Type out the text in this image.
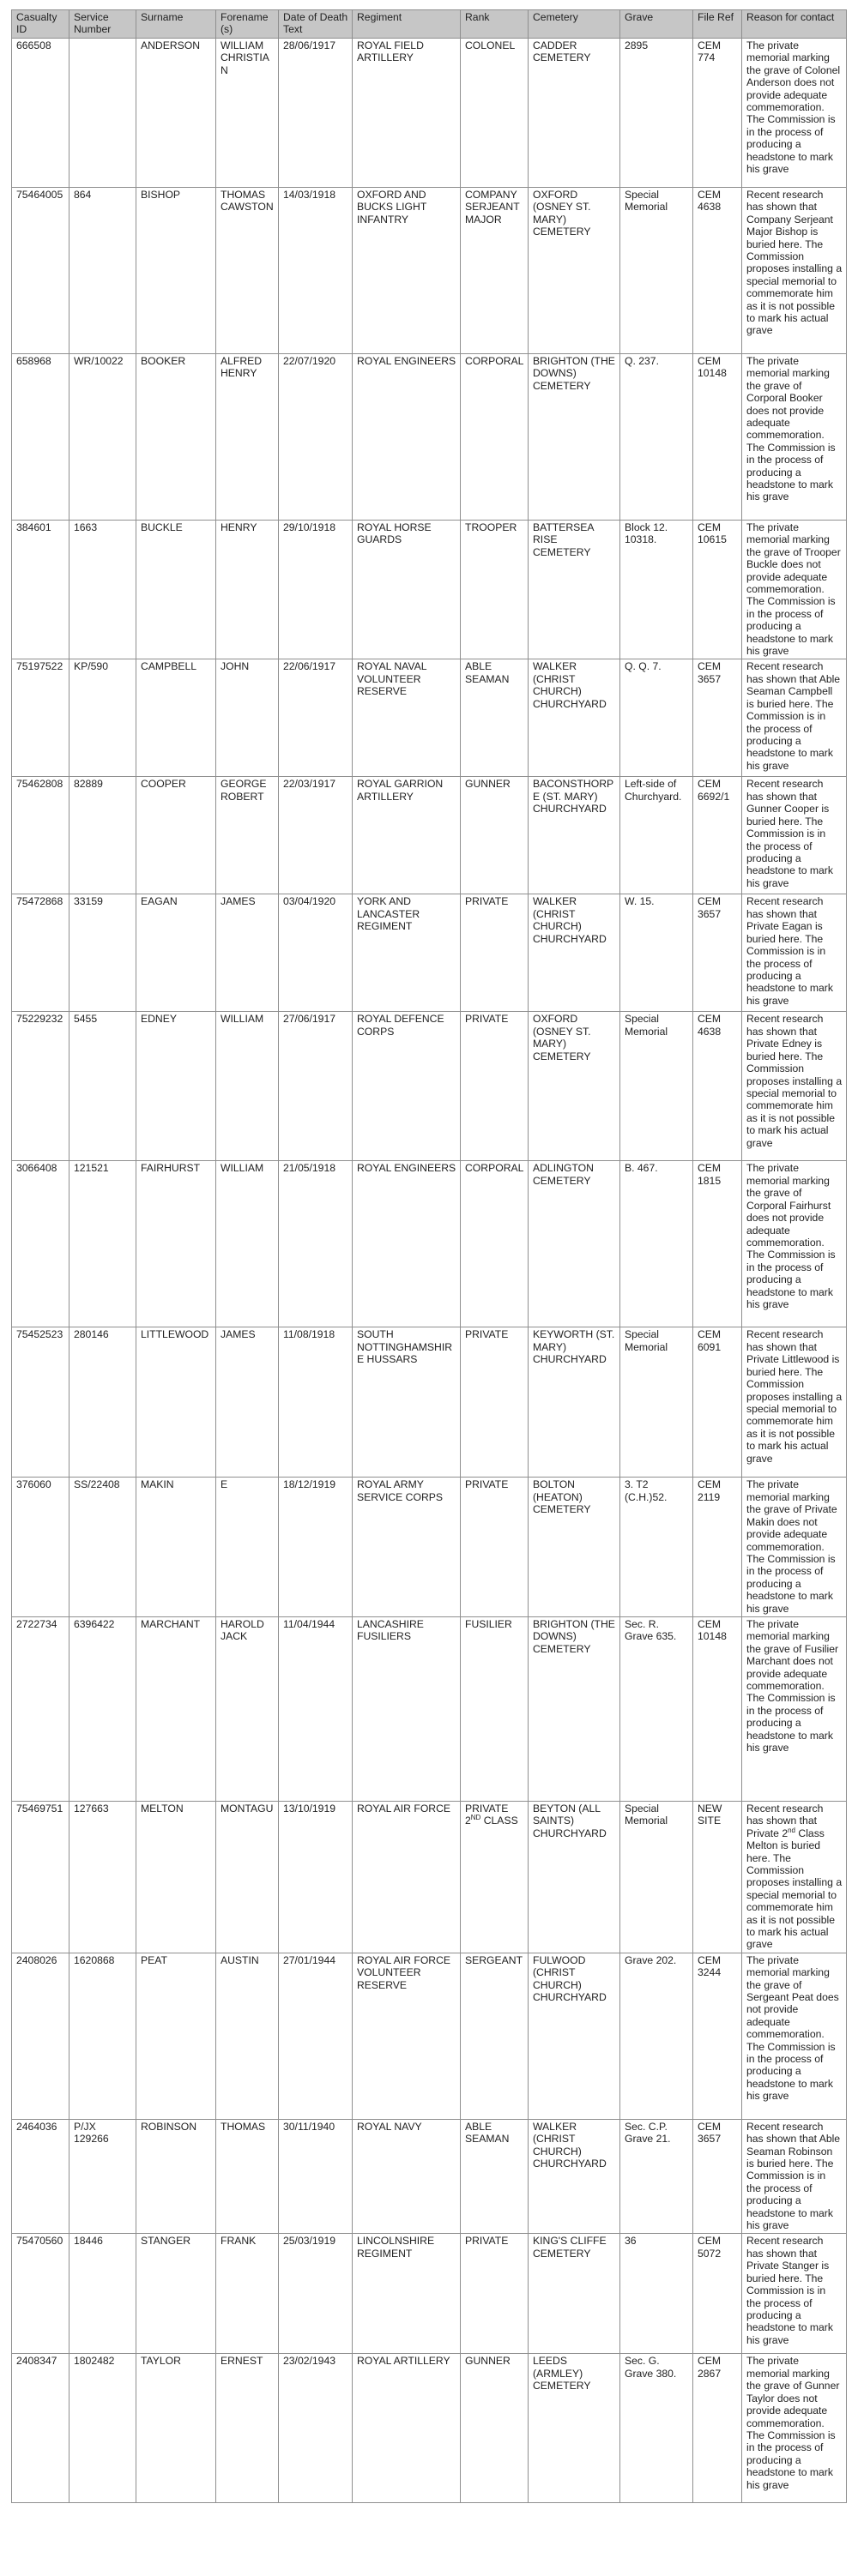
Casualty ID	Service Number	Surname	Forename (s)	Date of Death Text	Regiment	Rank	Cemetery	Grave	File Ref	Reason for contact
666508		ANDERSON	WILLIAM CHRISTIAN	28/06/1917	ROYAL FIELD ARTILLERY	COLONEL	CADDER CEMETERY	2895	CEM 774	The private memorial marking the grave of Colonel Anderson does not provide adequate commemoration. The Commission is in the process of producing a headstone to mark his grave
75464005	864	BISHOP	THOMAS CAWSTON	14/03/1918	OXFORD AND BUCKS LIGHT INFANTRY	COMPANY SERJEANT MAJOR	OXFORD (OSNEY ST. MARY) CEMETERY	Special Memorial	CEM 4638	Recent research has shown that Company Serjeant Major Bishop is buried here. The Commission proposes installing a special memorial to commemorate him as it is not possible to mark his actual grave
658968	WR/10022	BOOKER	ALFRED HENRY	22/07/1920	ROYAL ENGINEERS	CORPORAL	BRIGHTON (THE DOWNS) CEMETERY	Q. 237.	CEM 10148	The private memorial marking the grave of Corporal Booker does not provide adequate commemoration. The Commission is in the process of producing a headstone to mark his grave
384601	1663	BUCKLE	HENRY	29/10/1918	ROYAL HORSE GUARDS	TROOPER	BATTERSEA RISE CEMETERY	Block 12. 10318.	CEM 10615	The private memorial marking the grave of Trooper Buckle does not provide adequate commemoration. The Commission is in the process of producing a headstone to mark his grave
75197522	KP/590	CAMPBELL	JOHN	22/06/1917	ROYAL NAVAL VOLUNTEER RESERVE	ABLE SEAMAN	WALKER (CHRIST CHURCH) CHURCHYARD	Q. Q. 7.	CEM 3657	Recent research has shown that Able Seaman Campbell is buried here. The Commission is in the process of producing a headstone to mark his grave
75462808	82889	COOPER	GEORGE ROBERT	22/03/1917	ROYAL GARRION ARTILLERY	GUNNER	BACONSTHORPE (ST. MARY) CHURCHYARD	Left-side of Churchyard.	CEM 6692/1	Recent research has shown that Gunner Cooper is buried here. The Commission is in the process of producing a headstone to mark his grave
75472868	33159	EAGAN	JAMES	03/04/1920	YORK AND LANCASTER REGIMENT	PRIVATE	WALKER (CHRIST CHURCH) CHURCHYARD	W. 15.	CEM 3657	Recent research has shown that Private Eagan is buried here. The Commission is in the process of producing a headstone to mark his grave
75229232	5455	EDNEY	WILLIAM	27/06/1917	ROYAL DEFENCE CORPS	PRIVATE	OXFORD (OSNEY ST. MARY) CEMETERY	Special Memorial	CEM 4638	Recent research has shown that Private Edney is buried here. The Commission proposes installing a special memorial to commemorate him as it is not possible to mark his actual grave
3066408	121521	FAIRHURST	WILLIAM	21/05/1918	ROYAL ENGINEERS	CORPORAL	ADLINGTON CEMETERY	B. 467.	CEM 1815	The private memorial marking the grave of Corporal Fairhurst does not provide adequate commemoration. The Commission is in the process of producing a headstone to mark his grave
75452523	280146	LITTLEWOOD	JAMES	11/08/1918	SOUTH NOTTINGHAMSHIRE HUSSARS	PRIVATE	KEYWORTH (ST. MARY) CHURCHYARD	Special Memorial	CEM 6091	Recent research has shown that Private Littlewood is buried here. The Commission proposes installing a special memorial to commemorate him as it is not possible to mark his actual grave
376060	SS/22408	MAKIN	E	18/12/1919	ROYAL ARMY SERVICE CORPS	PRIVATE	BOLTON (HEATON) CEMETERY	3. T2 (C.H.)52.	CEM 2119	The private memorial marking the grave of Private Makin does not provide adequate commemoration. The Commission is in the process of producing a headstone to mark his grave
2722734	6396422	MARCHANT	HAROLD JACK	11/04/1944	LANCASHIRE FUSILIERS	FUSILIER	BRIGHTON (THE DOWNS) CEMETERY	Sec. R. Grave 635.	CEM 10148	The private memorial marking the grave of Fusilier Marchant does not provide adequate commemoration. The Commission is in the process of producing a headstone to mark his grave
75469751	127663	MELTON	MONTAGU	13/10/1919	ROYAL AIR FORCE	PRIVATE 2ND CLASS	BEYTON (ALL SAINTS) CHURCHYARD	Special Memorial	NEW SITE	Recent research has shown that Private 2nd Class Melton is buried here. The Commission proposes installing a special memorial to commemorate him as it is not possible to mark his actual grave
2408026	1620868	PEAT	AUSTIN	27/01/1944	ROYAL AIR FORCE VOLUNTEER RESERVE	SERGEANT	FULWOOD (CHRIST CHURCH) CHURCHYARD	Grave 202.	CEM 3244	The private memorial marking the grave of Sergeant Peat does not provide adequate commemoration. The Commission is in the process of producing a headstone to mark his grave
2464036	P/JX 129266	ROBINSON	THOMAS	30/11/1940	ROYAL NAVY	ABLE SEAMAN	WALKER (CHRIST CHURCH) CHURCHYARD	Sec. C.P. Grave 21.	CEM 3657	Recent research has shown that Able Seaman Robinson is buried here. The Commission is in the process of producing a headstone to mark his grave
75470560	18446	STANGER	FRANK	25/03/1919	LINCOLNSHIRE REGIMENT	PRIVATE	KING'S CLIFFE CEMETERY	36	CEM 5072	Recent research has shown that Private Stanger is buried here. The Commission is in the process of producing a headstone to mark his grave
2408347	1802482	TAYLOR	ERNEST	23/02/1943	ROYAL ARTILLERY	GUNNER	LEEDS (ARMLEY) CEMETERY	Sec. G. Grave 380.	CEM 2867	The private memorial marking the grave of Gunner Taylor does not provide adequate commemoration. The Commission is in the process of producing a headstone to mark his grave
